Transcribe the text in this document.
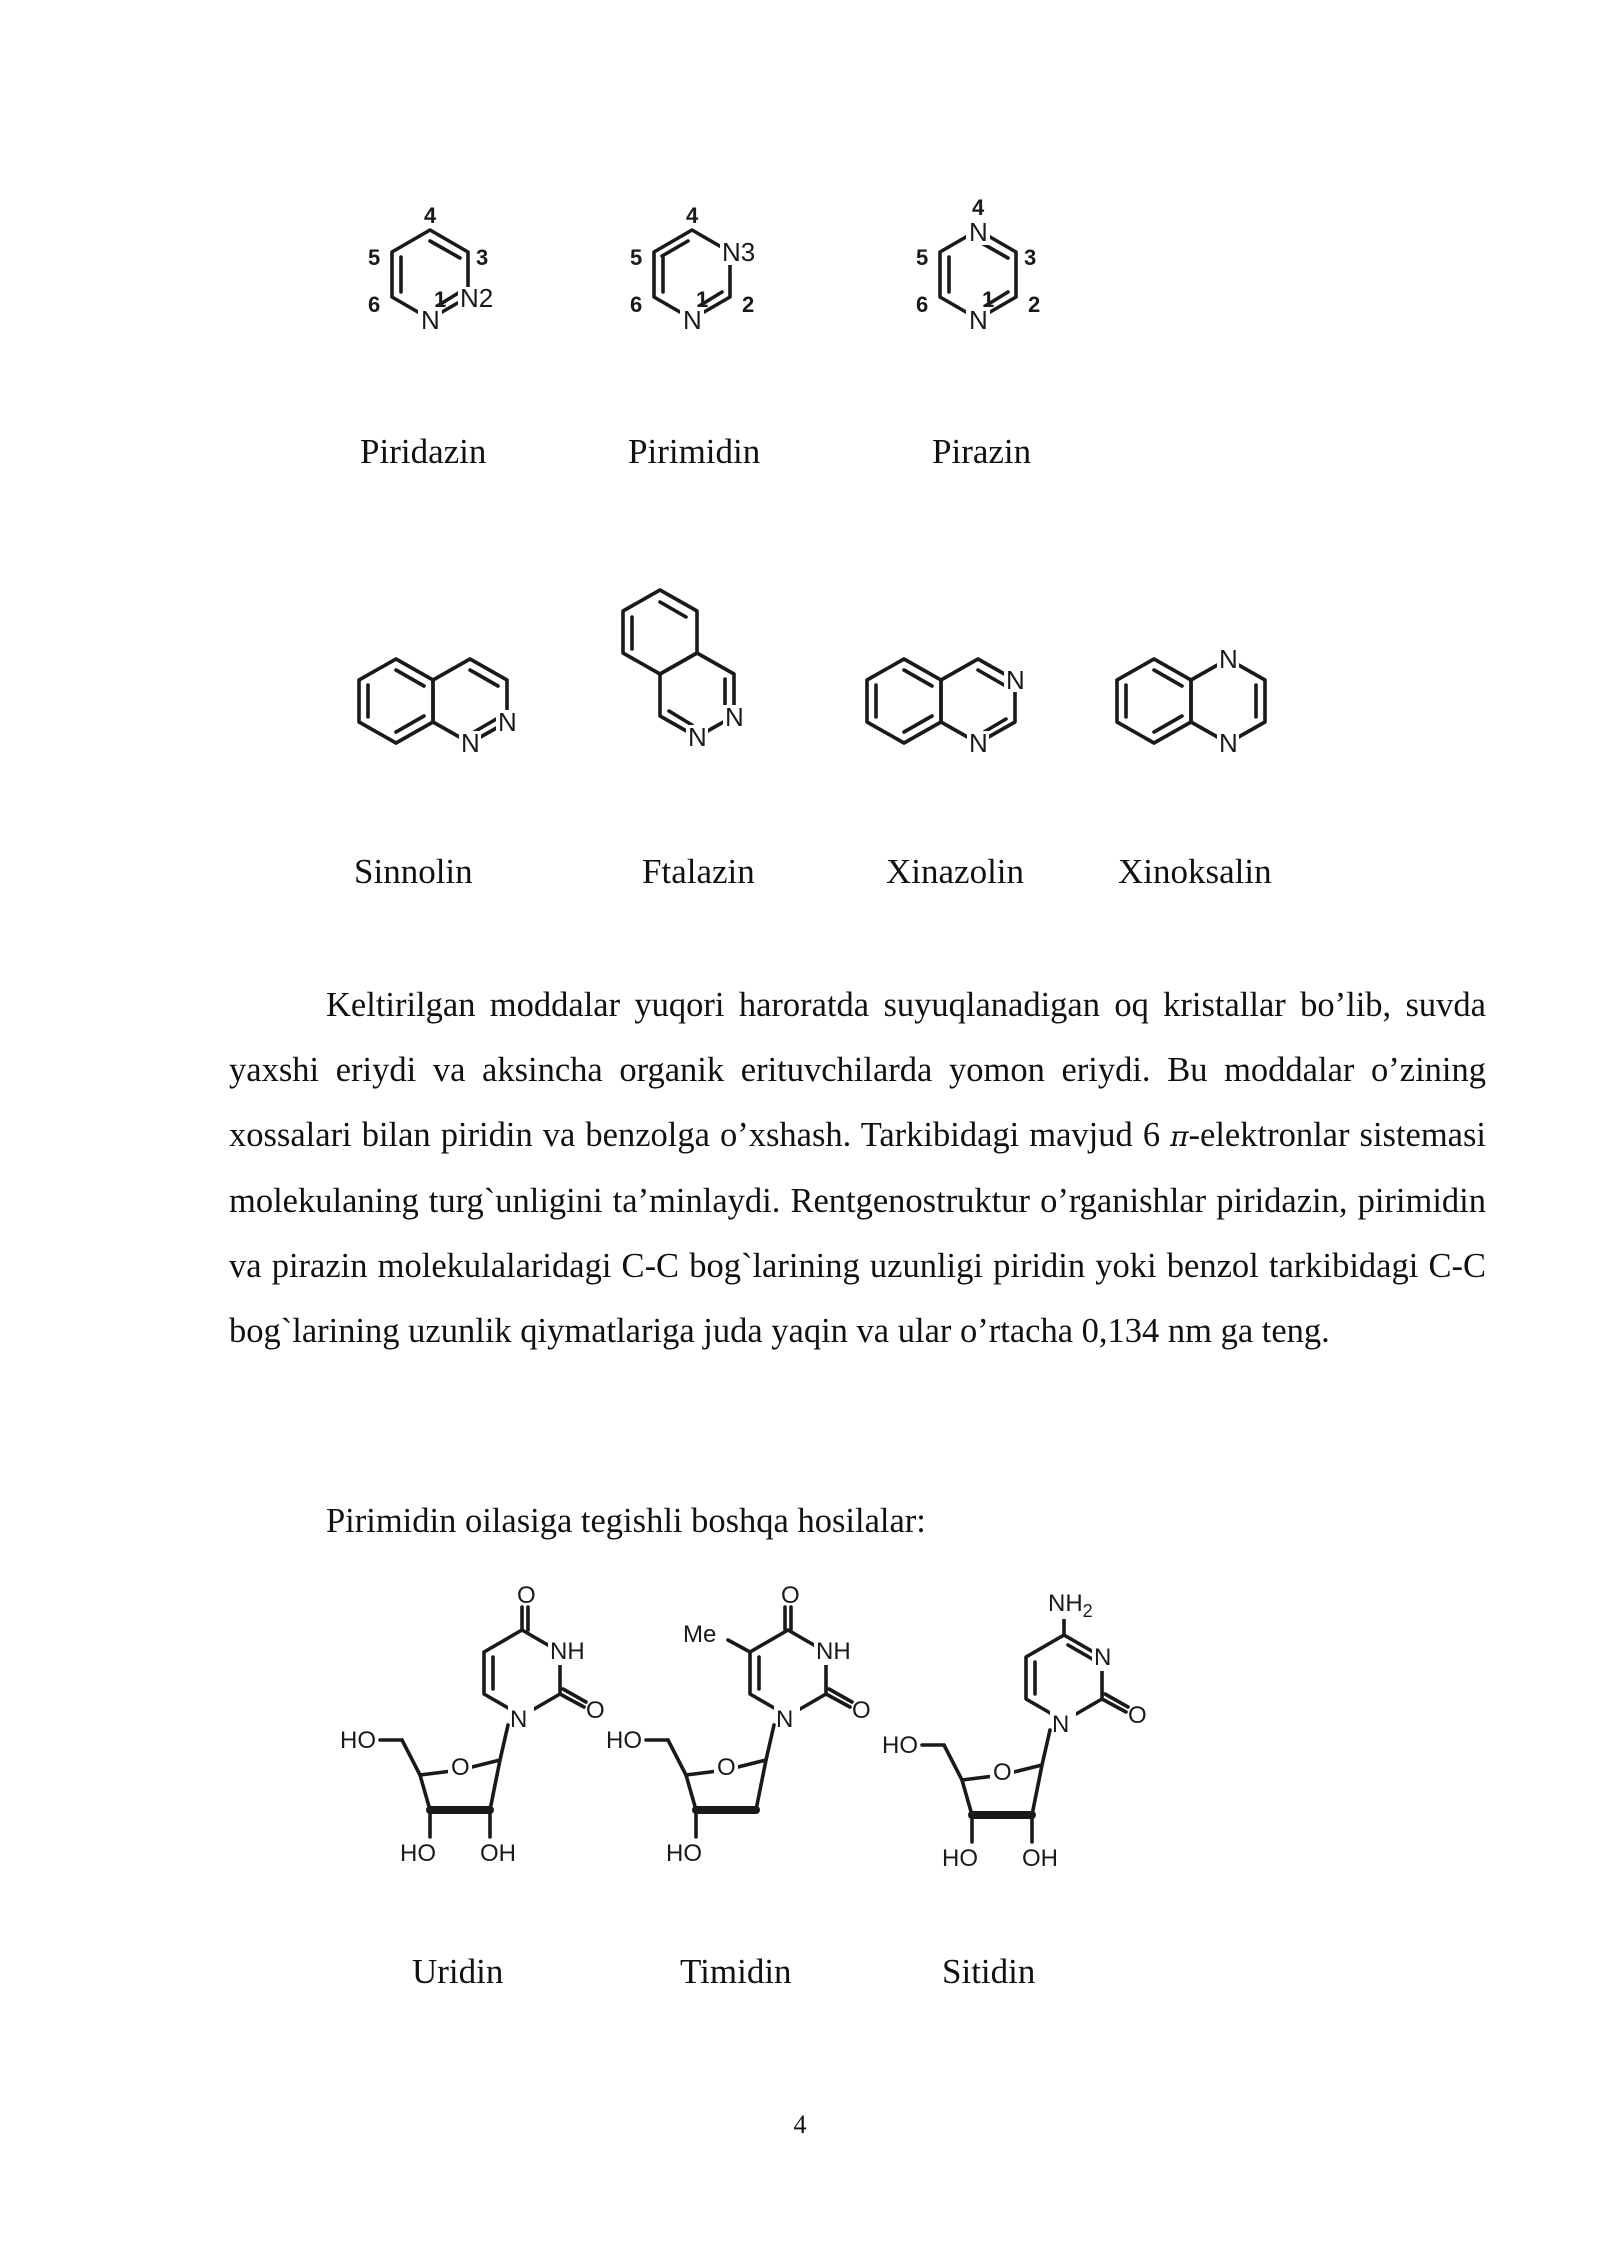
N
N2
4
3
5
6 1
N
N3
4
2
5
6 1
N
N
4
3
2
5
6 1
Piridazin	Pirimidin	Pirazin
N
N	N
N
N
N
N
N
Sinnolin	Ftalazin	Xinazolin	Xinoksalin

Keltirilgan moddalar yuqori haroratda suyuqlanadigan oq kristallar bo’lib, suvda yaxshi eriydi va aksincha organik erituvchilarda yomon eriydi. Bu moddalar o’zining xossalari bilan piridin va benzolga o’xshash. Tarkibidagi mavjud 6 π-elektronlar sistemasi molekulaning turg`unligini ta’minlaydi. Rentgenostruktur o’rganishlar piridazin, pirimidin va pirazin molekulalaridagi C-C bog`larining uzunligi piridin yoki benzol tarkibidagi C-C bog`larining uzunlik qiymatlariga juda yaqin va ular o’rtacha 0,134 nm ga teng.

Pirimidin oilasiga tegishli boshqa hosilalar:
O
NH
O
N
O
HO
HO OH
Me
O
NH
O
N
O
HO
HO
$NH_2$
N
O
N
O
HO
HO OH
Uridin	Timidin	Sitidin
4
